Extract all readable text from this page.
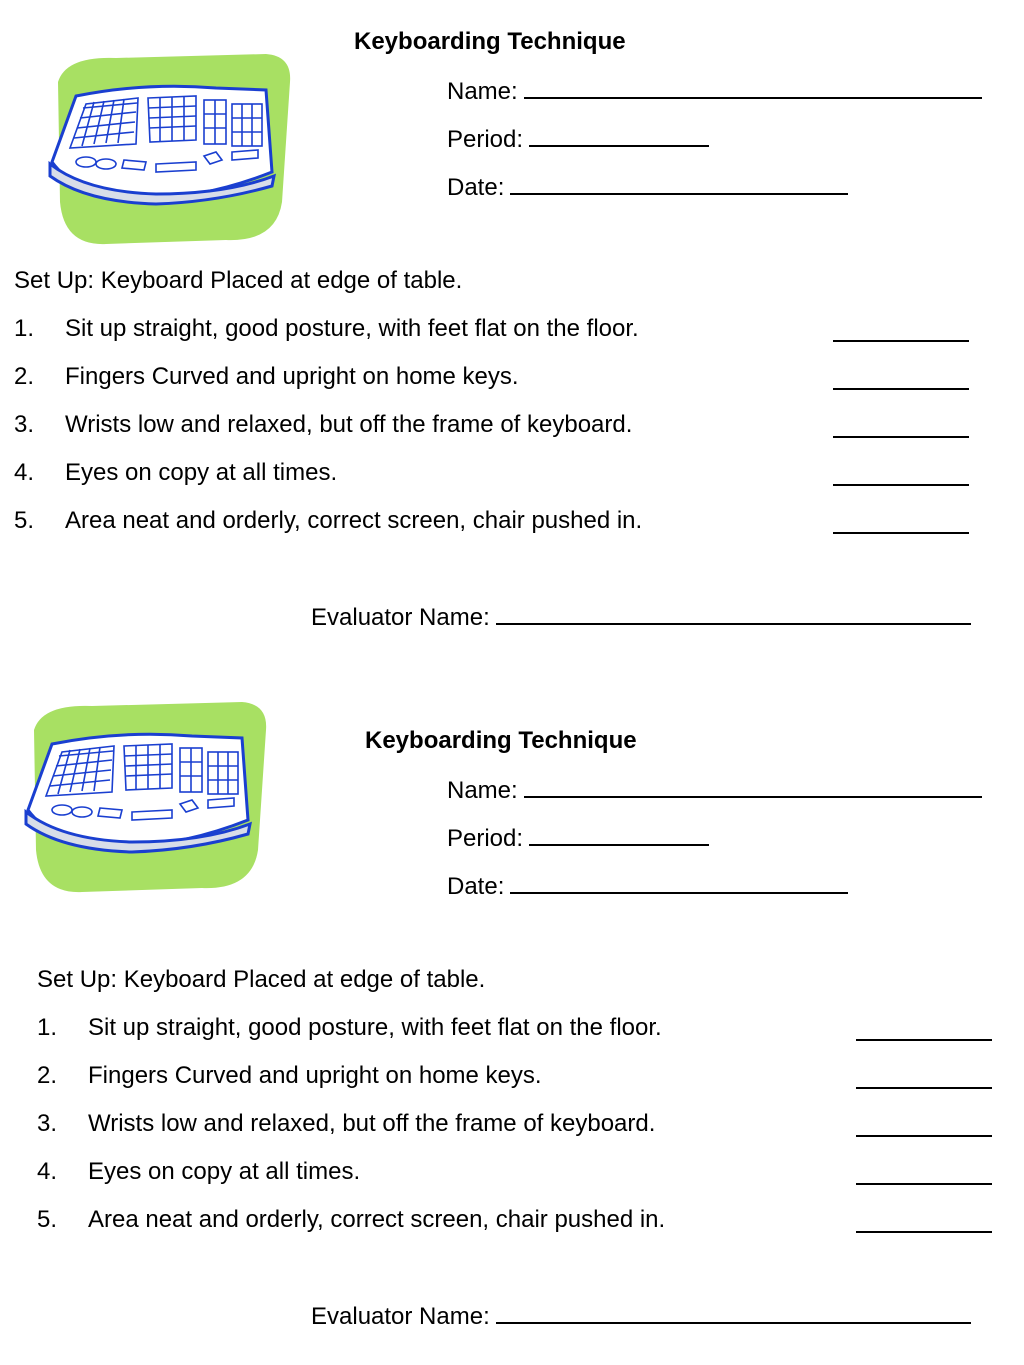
Keyboarding Technique
Name:
Period:
Date:
Set Up: Keyboard Placed at edge of table.
1. Sit up straight, good posture, with feet flat on the floor.
2. Fingers Curved and upright on home keys.
3. Wrists low and relaxed, but off the frame of keyboard.
4. Eyes on copy at all times.
5. Area neat and orderly, correct screen, chair pushed in.
Evaluator Name:
Keyboarding Technique
Name:
Period:
Date:
Set Up: Keyboard Placed at edge of table.
1. Sit up straight, good posture, with feet flat on the floor.
2. Fingers Curved and upright on home keys.
3. Wrists low and relaxed, but off the frame of keyboard.
4. Eyes on copy at all times.
5. Area neat and orderly, correct screen, chair pushed in.
Evaluator Name:
